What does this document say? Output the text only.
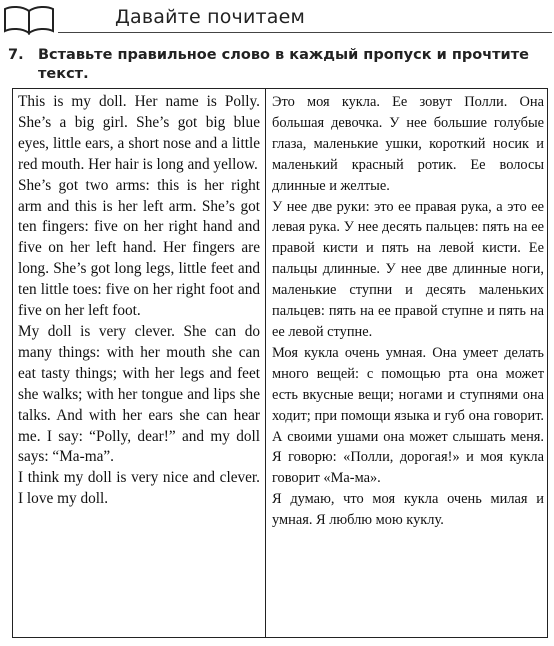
Давайте почитаем
7. Вставьте правильное слово в каждый пропуск и прочтите текст.

This is my doll. Her name is Polly. She’s a big girl. She’s got big blue eyes, little ears, a short nose and a little red mouth. Her hair is long and yellow.

She’s got two arms: this is her right arm and this is her left arm. She’s got ten fingers: five on her right hand and five on her left hand. Her fingers are long. She’s got long legs, little feet and ten little toes: five on her right foot and five on her left foot.

My doll is very clever. She can do many things: with her mouth she can eat tasty things; with her legs and feet she walks; with her tongue and lips she talks. And with her ears she can hear me. I say: “Polly, dear!” and my doll says: “Ma-ma”.

I think my doll is very nice and clever. I love my doll.

Это моя кукла. Ее зовут Полли. Она большая девочка. У нее большие голубые глаза, маленькие ушки, короткий носик и маленький красный ротик. Ее волосы длинные и желтые.

У нее две руки: это ее правая рука, а это ее левая рука. У нее десять пальцев: пять на ее правой кисти и пять на левой кисти. Ее пальцы длинные. У нее две длинные ноги, маленькие ступни и десять маленьких пальцев: пять на ее правой ступне и пять на ее левой ступне.

Моя кукла очень умная. Она умеет делать много вещей: с помощью рта она может есть вкусные вещи; ногами и ступнями она ходит; при помощи языка и губ она говорит. А своими ушами она может слышать меня. Я говорю: «Полли, дорогая!» и моя кукла говорит «Ма-ма».

Я думаю, что моя кукла очень милая и умная. Я люблю мою куклу.
